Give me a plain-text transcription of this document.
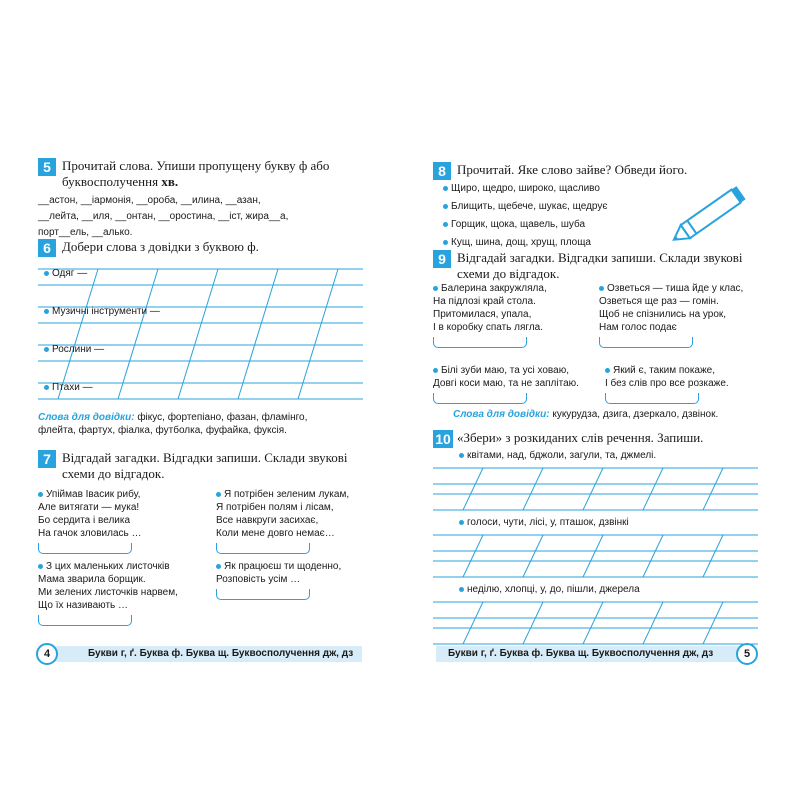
5 Прочитай слова. Упиши пропущену букву ф або
буквосполучення хв.
__астон, __іармонія, __ороба, __илина, __азан,
__лейта, __иля, __онтан, __оростина, __іст, жира__а,
порт__ель, __алько.
6 Добери слова з довідки з буквою ф.
Одяг —
Музичні інструменти —
Рослини —
Птахи —
Слова для довідки: фікус, фортепіано, фазан, фламінго,
флейта, фартух, фіалка, футболка, фуфайка, фуксія.
7 Відгадай загадки. Відгадки запиши. Склади звукові
схеми до відгадок.
Упіймав Івасик рибу,
Але витягати — мука!
Бо сердита і велика
На гачок зловилась …
Я потрібен зеленим лукам,
Я потрібен полям і лісам,
Все навкруги засихає,
Коли мене довго немає…
З цих маленьких листочків
Мама зварила борщик.
Ми зелених листочків нарвем,
Що їх називають …
Як працюєш ти щоденно,
Розповість усім …
Букви г, ґ. Буква ф. Буква щ. Буквосполучення дж, дз
4
8 Прочитай. Яке слово зайве? Обведи його.
Щиро, щедро, широко, щасливо
Блищить, щебече, шукає, щедрує
Горщик, щока, щавель, шуба
Кущ, шина, дощ, хрущ, площа
9 Відгадай загадки. Відгадки запиши. Склади звукові
схеми до відгадок.
Балерина закружляла,
На підлозі край стола.
Притомилася, упала,
І в коробку спать лягла.
Озветься — тиша йде у клас,
Озветься ще раз — гомін.
Щоб не спізнились на урок,
Нам голос подає
Білі зуби маю, та усі ховаю,
Довгі коси маю, та не заплітаю.
Який є, таким покаже,
І без слів про все розкаже.
Слова для довідки: кукурудза, дзига, дзеркало, дзвінок.
10 «Збери» з розкиданих слів речення. Запиши.
квітами, над, бджоли, загули, та, джмелі.
голоси, чути, лісі, у, пташок, дзвінкі
неділю, хлопці, у, до, пішли, джерела
Букви г, ґ. Буква ф. Буква щ. Буквосполучення дж, дз	5
